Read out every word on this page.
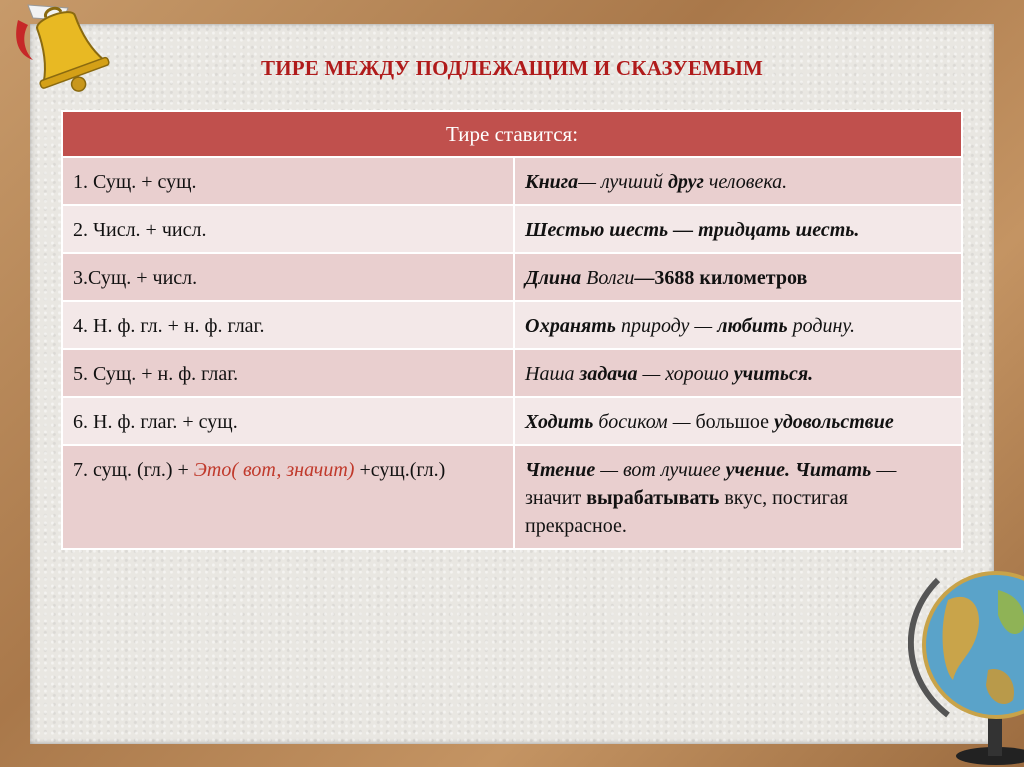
ТИРЕ МЕЖДУ ПОДЛЕЖАЩИМ И СКАЗУЕМЫМ
Тире ставится:	
1. Сущ. + сущ.	Книга— лучший друг человека.
2. Числ. + числ.	Шестью шесть — тридцать шесть.
3.Сущ. + числ.	Длина Волги—3688 километров
4. Н. ф. гл. + н. ф. глаг.	Охранять природу — любить родину.
5. Сущ. + н. ф. глаг.	Наша задача — хорошо учиться.
6. Н. ф. глаг. + сущ.	Ходить босиком — большое удовольствие
7. сущ. (гл.) + Это( вот, значит) +сущ.(гл.)	Чтение — вот лучшее учение. Читать — значит вырабатывать вкус, постигая прекрасное.
